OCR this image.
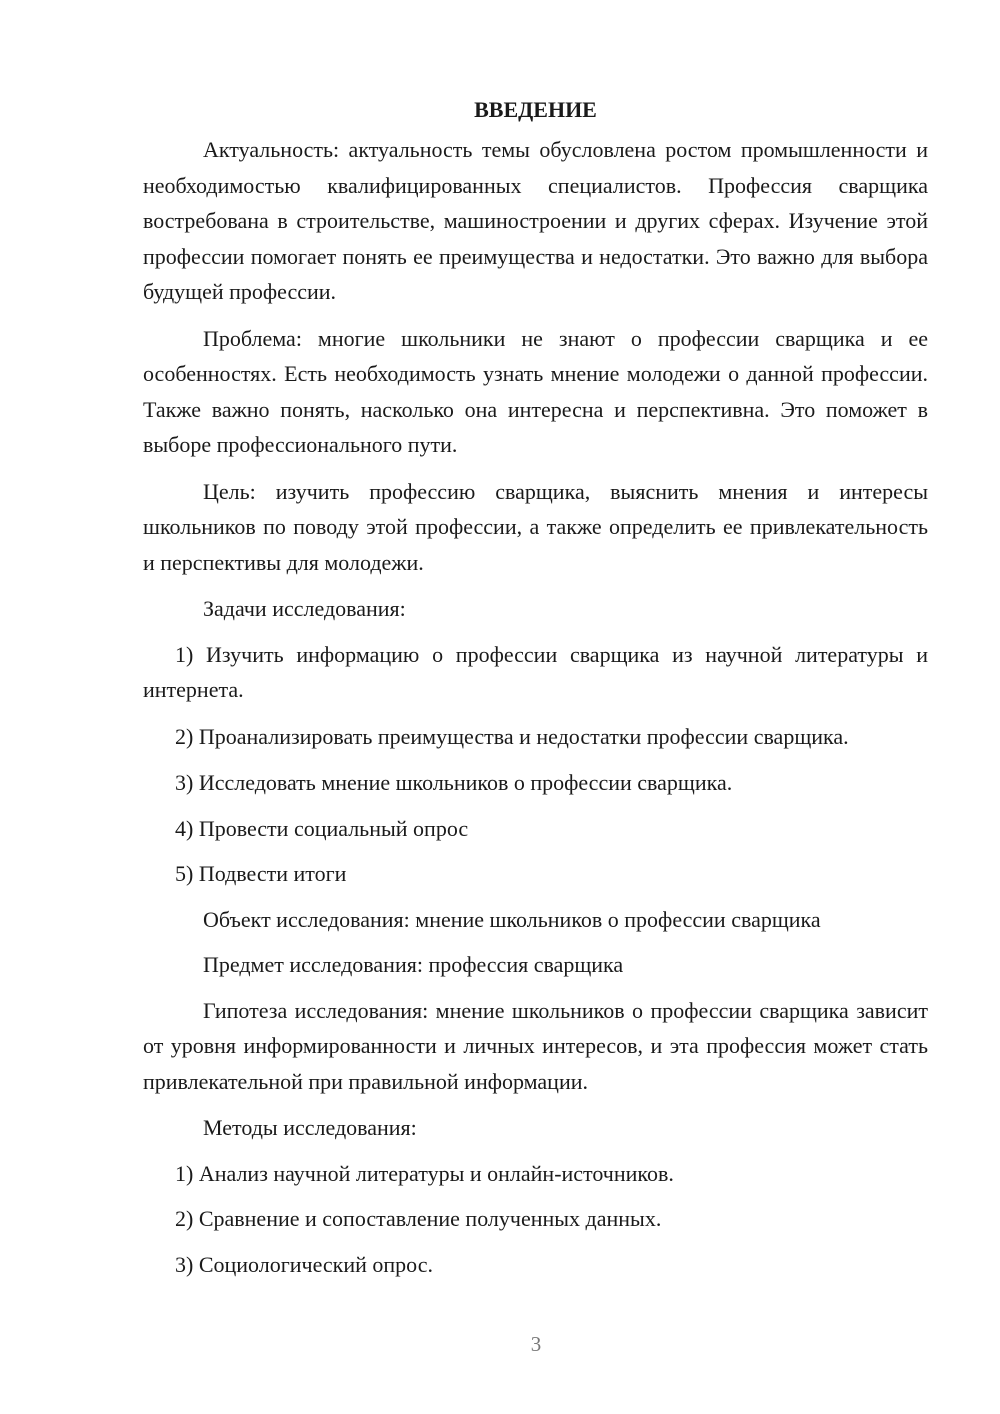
ВВЕДЕНИЕ

Актуальность: актуальность темы обусловлена ростом промышленности и необходимостью квалифицированных специалистов. Профессия сварщика востребована в строительстве, машиностроении и других сферах. Изучение этой профессии помогает понять ее преимущества и недостатки. Это важно для выбора будущей профессии.

Проблема: многие школьники не знают о профессии сварщика и ее особенностях. Есть необходимость узнать мнение молодежи о данной профессии. Также важно понять, насколько она интересна и перспективна. Это поможет в выборе профессионального пути.

Цель: изучить профессию сварщика, выяснить мнения и интересы школьников по поводу этой профессии, а также определить ее привлекательность и перспективы для молодежи.

Задачи исследования:

1) Изучить информацию о профессии сварщика из научной литературы и интернета.

2) Проанализировать преимущества и недостатки профессии сварщика.

3) Исследовать мнение школьников о профессии сварщика.

4) Провести социальный опрос

5) Подвести итоги

Объект исследования: мнение школьников о профессии сварщика

Предмет исследования: профессия сварщика

Гипотеза исследования: мнение школьников о профессии сварщика зависит от уровня информированности и личных интересов, и эта профессия может стать привлекательной при правильной информации.

Методы исследования:

1) Анализ научной литературы и онлайн-источников.

2) Сравнение и сопоставление полученных данных.

3) Социологический опрос.

3
